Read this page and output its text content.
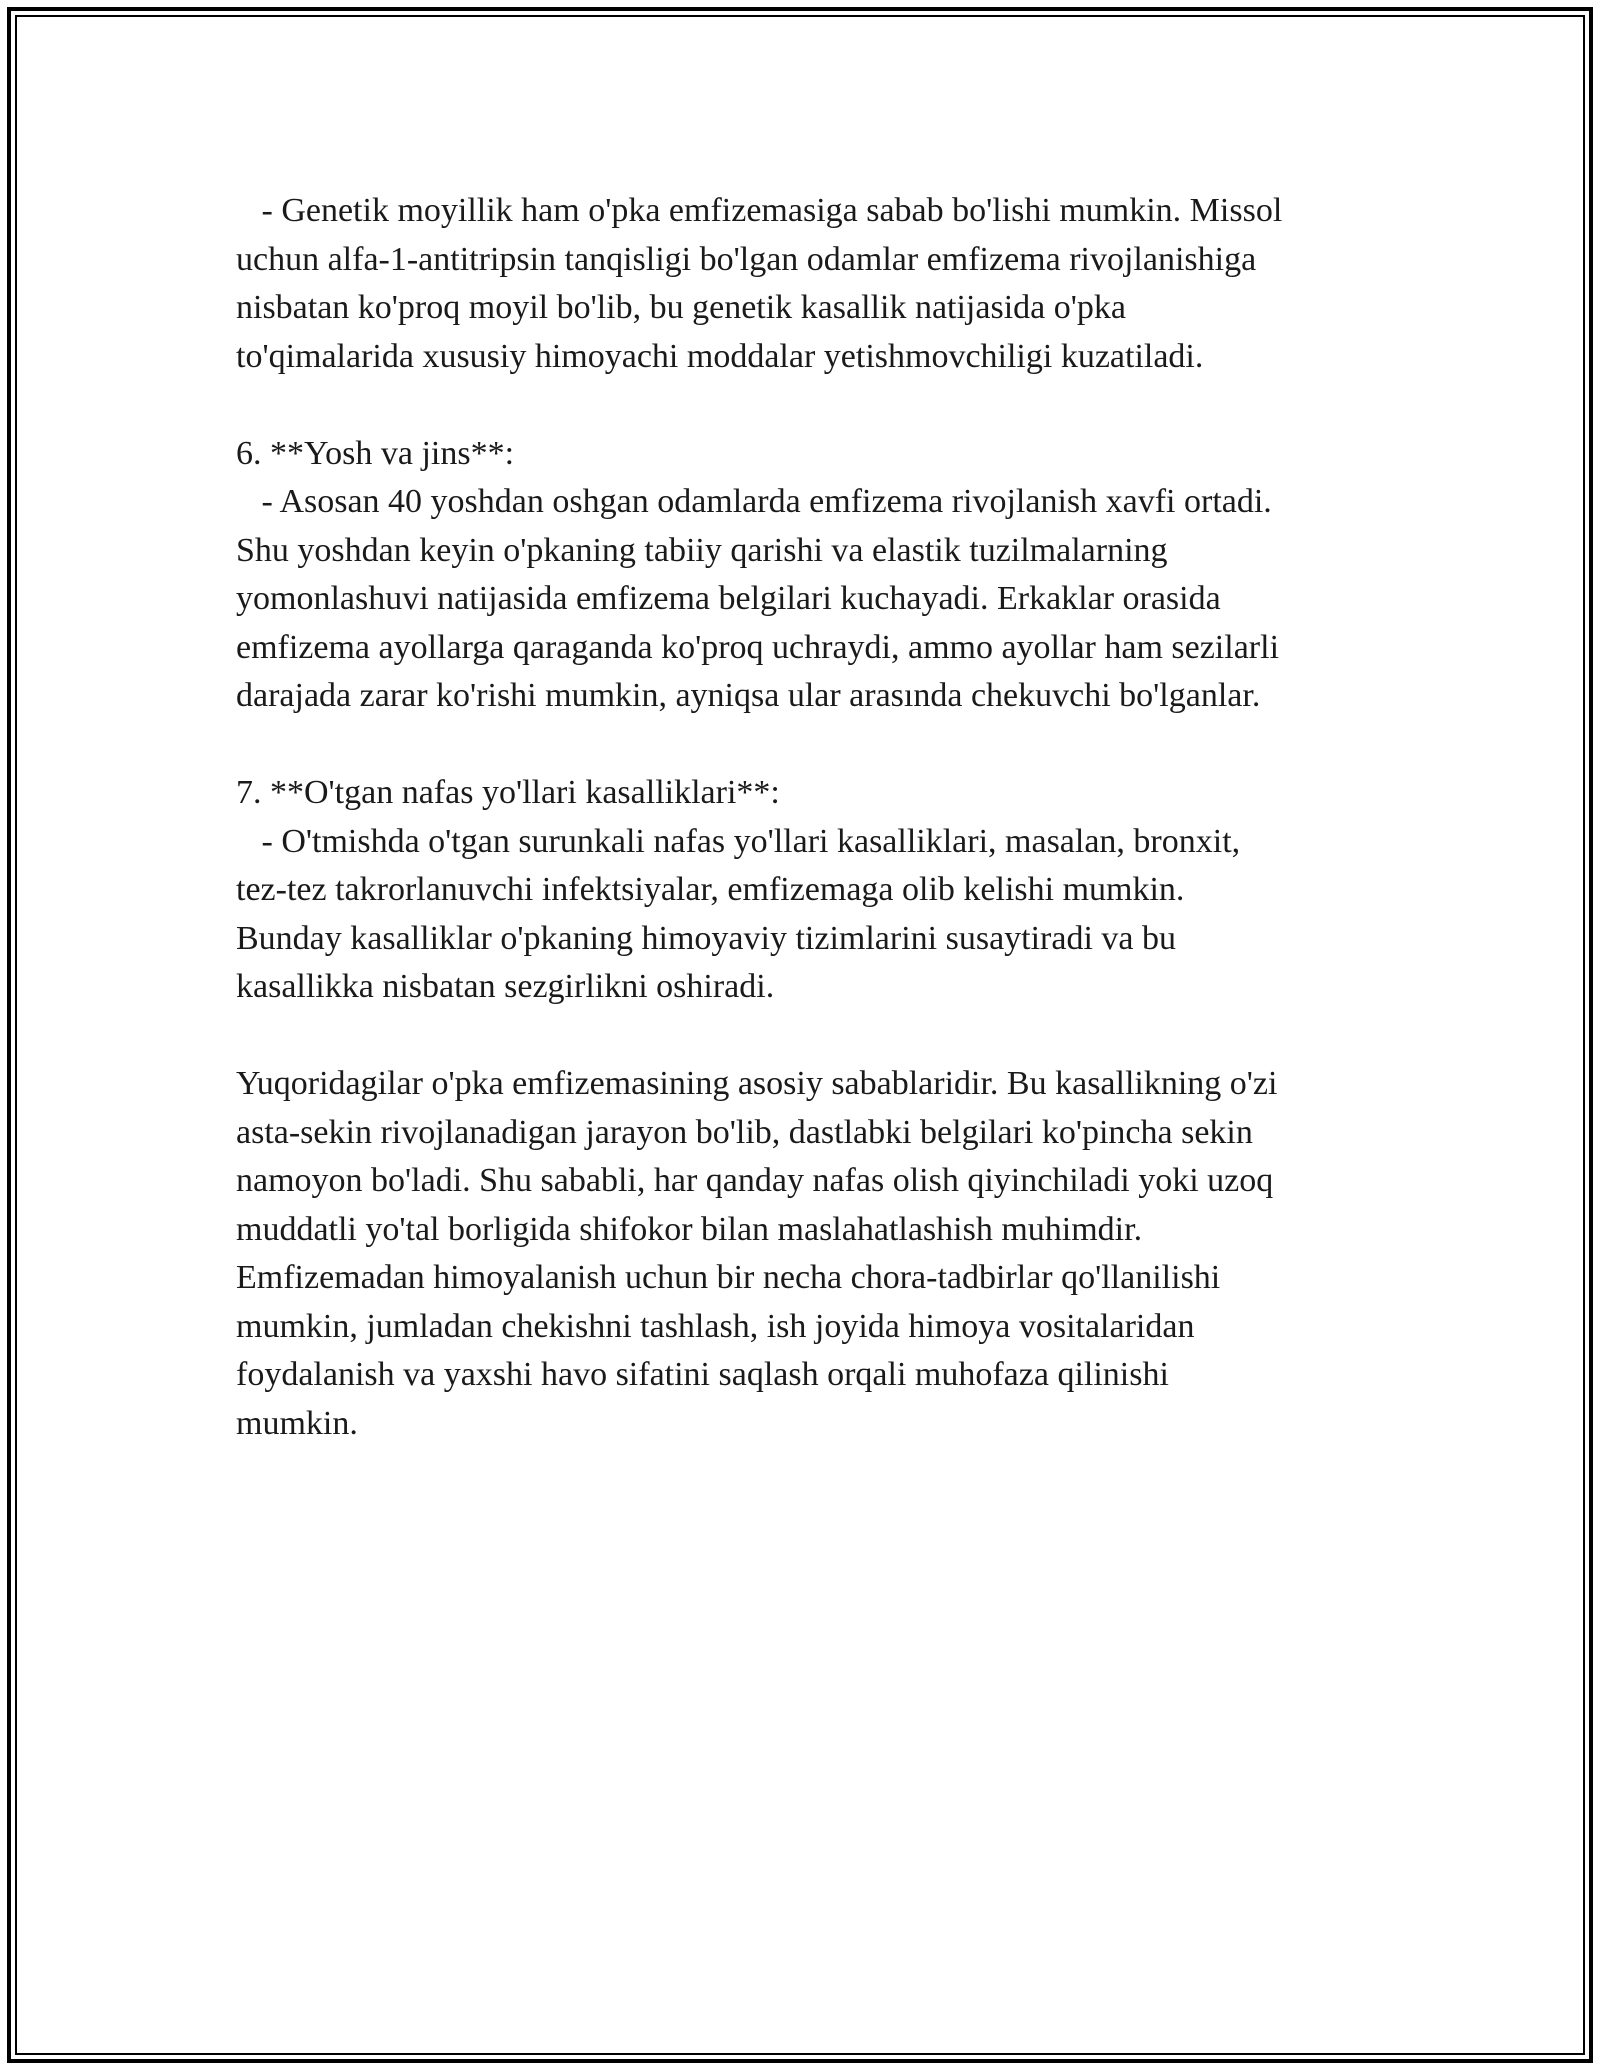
- Genetik moyillik ham o'pka emfizemasiga sabab bo'lishi mumkin. Missol
uchun alfa-1-antitripsin tanqisligi bo'lgan odamlar emfizema rivojlanishiga
nisbatan ko'proq moyil bo'lib, bu genetik kasallik natijasida o'pka
to'qimalarida xususiy himoyachi moddalar yetishmovchiligi kuzatiladi.
6. **Yosh va jins**:
- Asosan 40 yoshdan oshgan odamlarda emfizema rivojlanish xavfi ortadi.
Shu yoshdan keyin o'pkaning tabiiy qarishi va elastik tuzilmalarning
yomonlashuvi natijasida emfizema belgilari kuchayadi. Erkaklar orasida
emfizema ayollarga qaraganda ko'proq uchraydi, ammo ayollar ham sezilarli
darajada zarar ko'rishi mumkin, ayniqsa ular arasında chekuvchi bo'lganlar.
7. **O'tgan nafas yo'llari kasalliklari**:
- O'tmishda o'tgan surunkali nafas yo'llari kasalliklari, masalan, bronxit,
tez-tez takrorlanuvchi infektsiyalar, emfizemaga olib kelishi mumkin.
Bunday kasalliklar o'pkaning himoyaviy tizimlarini susaytiradi va bu
kasallikka nisbatan sezgirlikni oshiradi.
Yuqoridagilar o'pka emfizemasining asosiy sabablaridir. Bu kasallikning o'zi
asta-sekin rivojlanadigan jarayon bo'lib, dastlabki belgilari ko'pincha sekin
namoyon bo'ladi. Shu sababli, har qanday nafas olish qiyinchiladi yoki uzoq
muddatli yo'tal borligida shifokor bilan maslahatlashish muhimdir.
Emfizemadan himoyalanish uchun bir necha chora-tadbirlar qo'llanilishi
mumkin, jumladan chekishni tashlash, ish joyida himoya vositalaridan
foydalanish va yaxshi havo sifatini saqlash orqali muhofaza qilinishi
mumkin.
